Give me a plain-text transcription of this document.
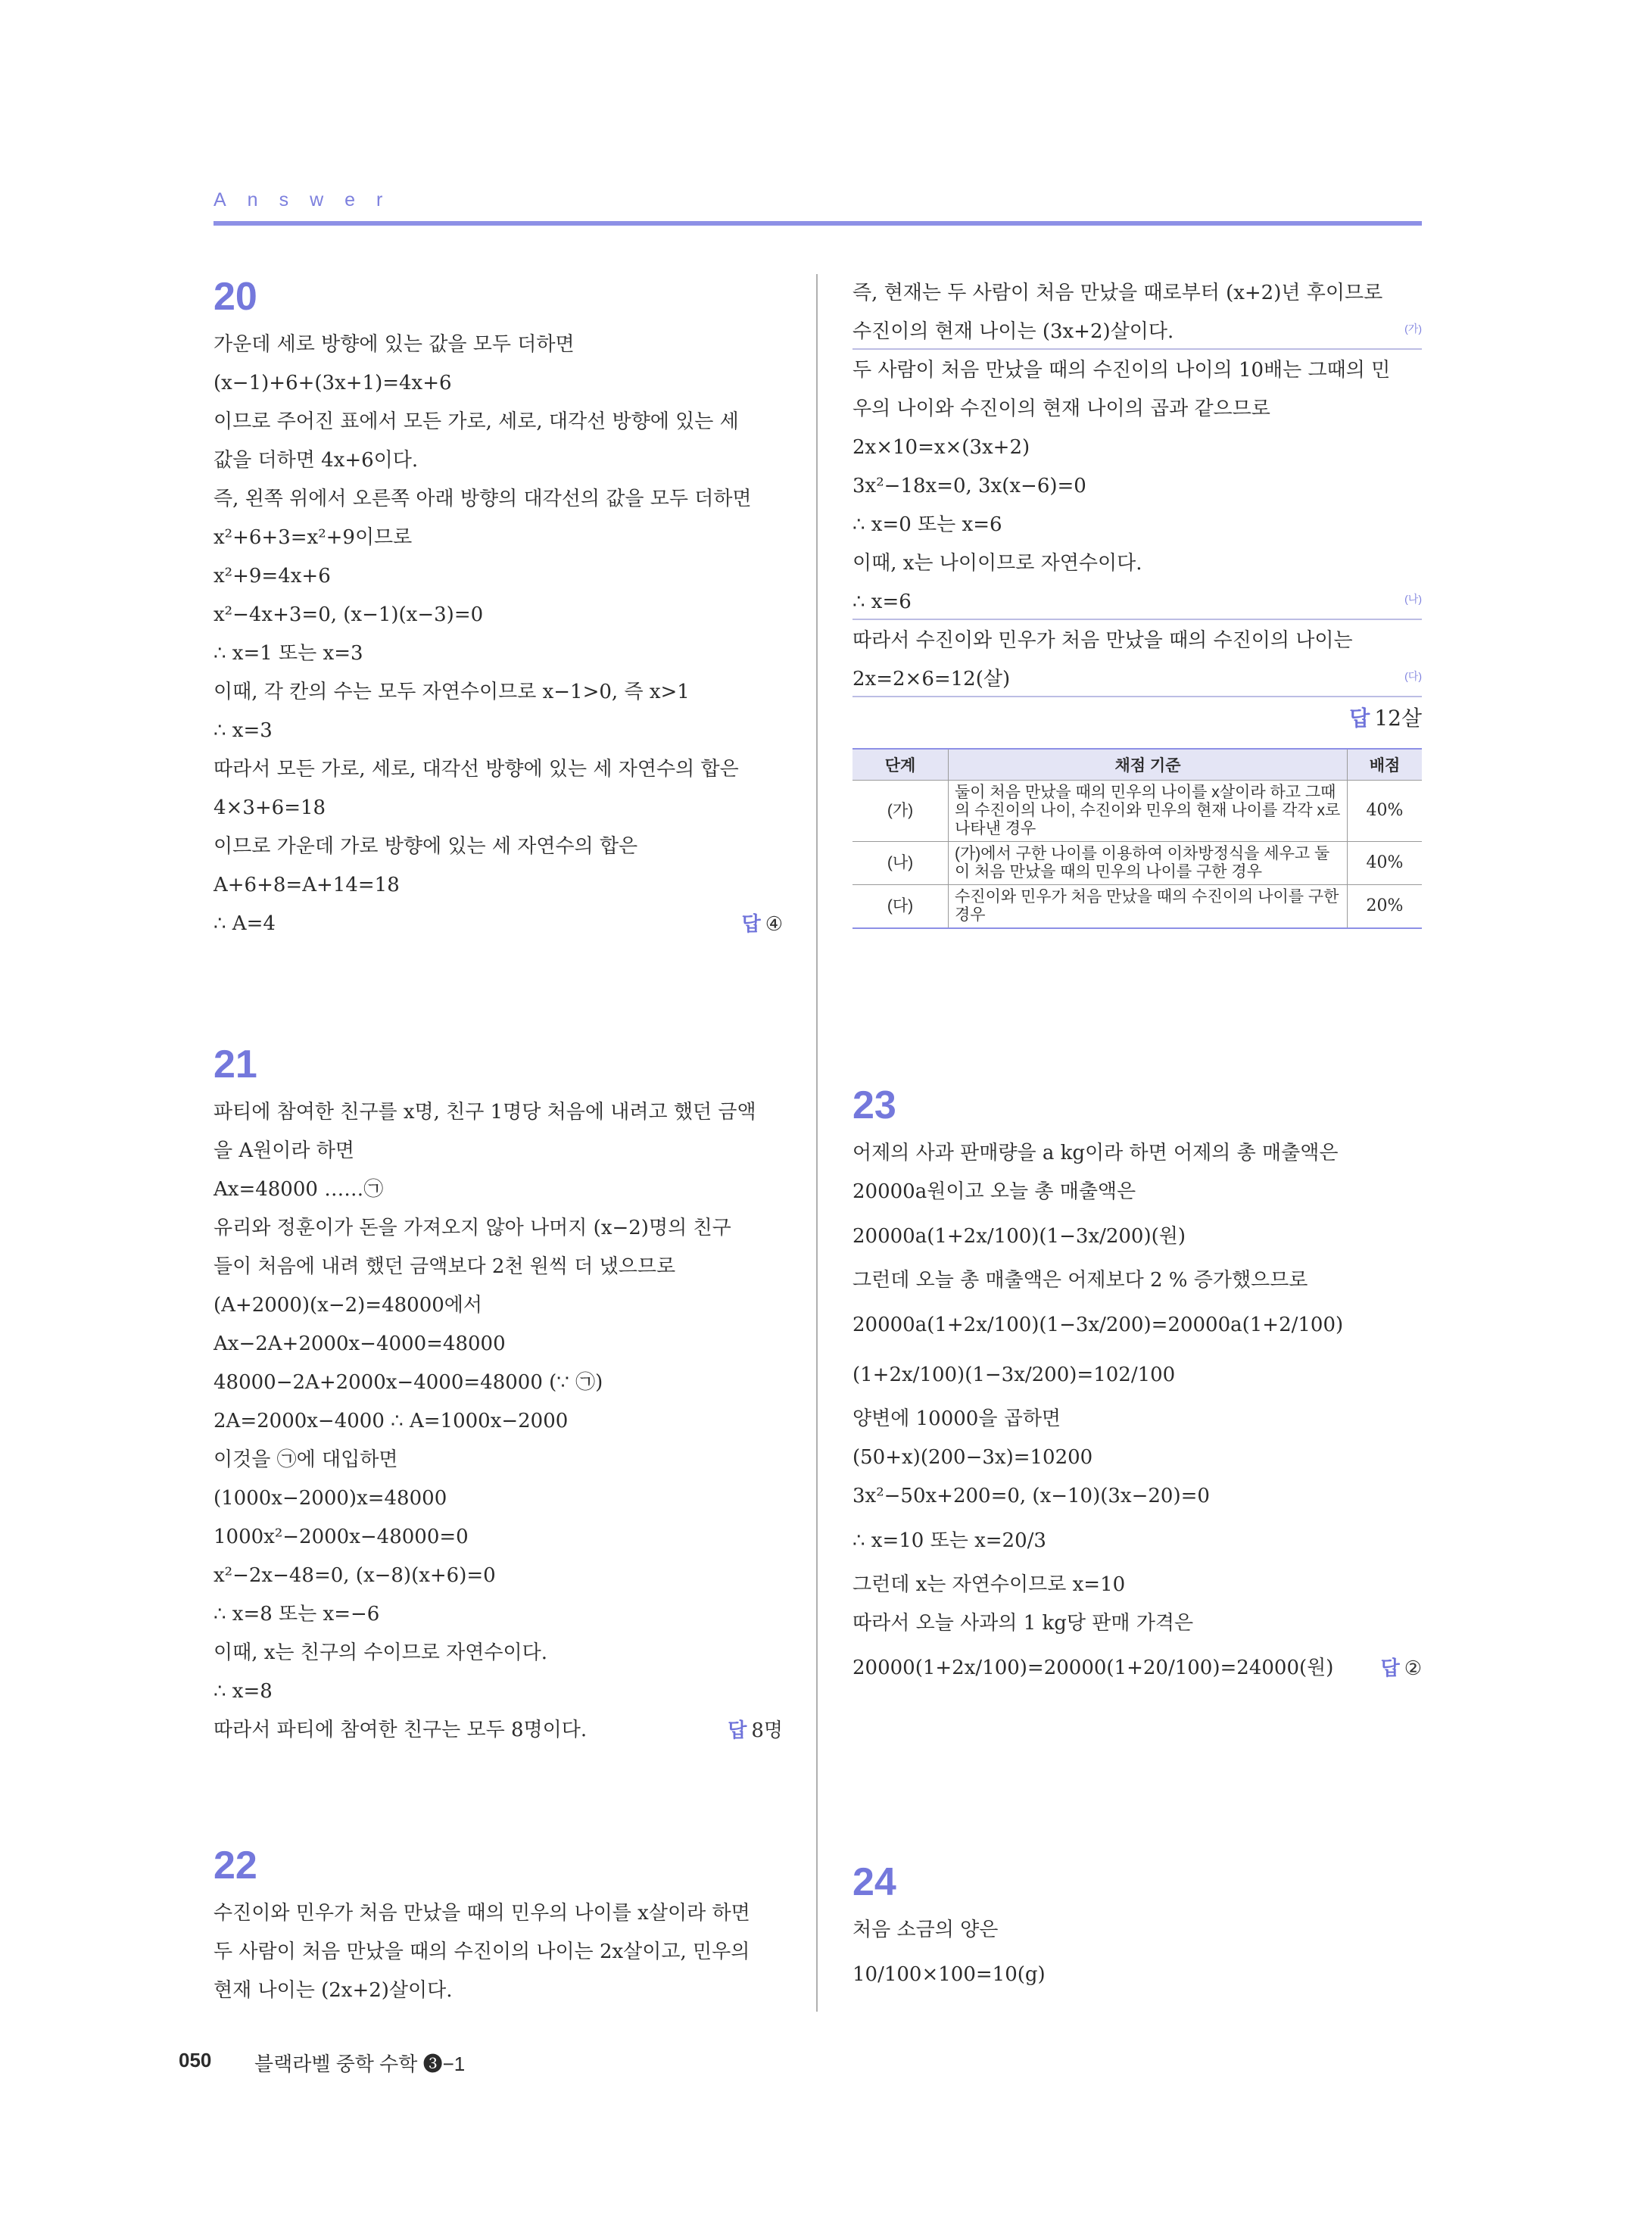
Answer
20
가운데 세로 방향에 있는 값을 모두 더하면
(x−1)+6+(3x+1)=4x+6
이므로 주어진 표에서 모든 가로, 세로, 대각선 방향에 있는 세
값을 더하면 4x+6이다.
즉, 왼쪽 위에서 오른쪽 아래 방향의 대각선의 값을 모두 더하면
x²+6+3=x²+9이므로
x²+9=4x+6
x²−4x+3=0, (x−1)(x−3)=0
∴ x=1 또는 x=3
이때, 각 칸의 수는 모두 자연수이므로 x−1>0, 즉 x>1
∴ x=3
따라서 모든 가로, 세로, 대각선 방향에 있는 세 자연수의 합은
4×3+6=18
이므로 가운데 가로 방향에 있는 세 자연수의 합은
A+6+8=A+14=18
∴ A=4	답 ④
21
파티에 참여한 친구를 x명, 친구 1명당 처음에 내려고 했던 금액
을 A원이라 하면
Ax=48000 ……㉠
유리와 정훈이가 돈을 가져오지 않아 나머지 (x−2)명의 친구
들이 처음에 내려 했던 금액보다 2천 원씩 더 냈으므로
(A+2000)(x−2)=48000에서
Ax−2A+2000x−4000=48000
48000−2A+2000x−4000=48000 (∵ ㉠)
2A=2000x−4000 ∴ A=1000x−2000
이것을 ㉠에 대입하면
(1000x−2000)x=48000
1000x²−2000x−48000=0
x²−2x−48=0, (x−8)(x+6)=0
∴ x=8 또는 x=−6
이때, x는 친구의 수이므로 자연수이다.
∴ x=8
따라서 파티에 참여한 친구는 모두 8명이다.	답 8명
22
수진이와 민우가 처음 만났을 때의 민우의 나이를 x살이라 하면
두 사람이 처음 만났을 때의 수진이의 나이는 2x살이고, 민우의
현재 나이는 (2x+2)살이다.
즉, 현재는 두 사람이 처음 만났을 때로부터 (x+2)년 후이므로
수진이의 현재 나이는 (3x+2)살이다.	(가)
두 사람이 처음 만났을 때의 수진이의 나이의 10배는 그때의 민
우의 나이와 수진이의 현재 나이의 곱과 같으므로
2x×10=x×(3x+2)
3x²−18x=0, 3x(x−6)=0
∴ x=0 또는 x=6
이때, x는 나이이므로 자연수이다.
∴ x=6	(나)
따라서 수진이와 민우가 처음 만났을 때의 수진이의 나이는
2x=2×6=12(살)	(다)
답 12살
단계	채점 기준	배점
(가)	둘이 처음 만났을 때의 민우의 나이를 x살이라 하고 그때의 수진이의 나이, 수진이와 민우의 현재 나이를 각각 x로 나타낸 경우	40%
(나)	(가)에서 구한 나이를 이용하여 이차방정식을 세우고 둘이 처음 만났을 때의 민우의 나이를 구한 경우	40%
(다)	수진이와 민우가 처음 만났을 때의 수진이의 나이를 구한 경우	20%
23
어제의 사과 판매량을 a kg이라 하면 어제의 총 매출액은
20000a원이고 오늘 총 매출액은
20000a(1+2x/100)(1−3x/200)(원)
그런데 오늘 총 매출액은 어제보다 2 % 증가했으므로
20000a(1+2x/100)(1−3x/200)=20000a(1+2/100)
(1+2x/100)(1−3x/200)=102/100
양변에 10000을 곱하면
(50+x)(200−3x)=10200
3x²−50x+200=0, (x−10)(3x−20)=0
∴ x=10 또는 x=20/3
그런데 x는 자연수이므로 x=10
따라서 오늘 사과의 1 kg당 판매 가격은
20000(1+2x/100)=20000(1+20/100)=24000(원) 답 ②
24
처음 소금의 양은
10/100×100=10(g)
050 블랙라벨 중학 수학 ❸−1
